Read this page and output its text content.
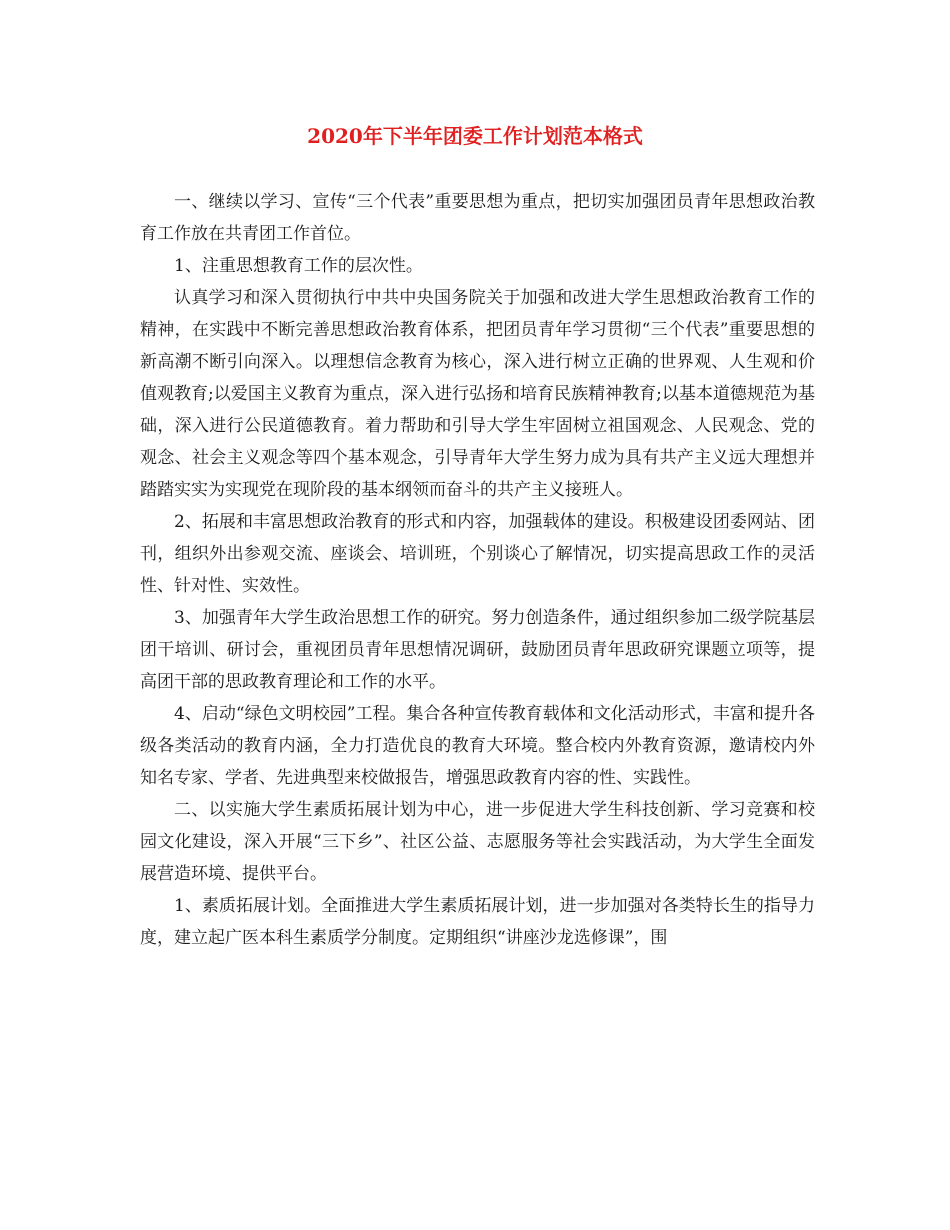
2020年下半年团委工作计划范本格式

一、继续以学习、宣传“三个代表”重要思想为重点，把切实加强团员青年思想政治教育工作放在共青团工作首位。

1、注重思想教育工作的层次性。

认真学习和深入贯彻执行中共中央国务院关于加强和改进大学生思想政治教育工作的精神，在实践中不断完善思想政治教育体系，把团员青年学习贯彻“三个代表”重要思想的新高潮不断引向深入。以理想信念教育为核心，深入进行树立正确的世界观、人生观和价值观教育;以爱国主义教育为重点，深入进行弘扬和培育民族精神教育;以基本道德规范为基础，深入进行公民道德教育。着力帮助和引导大学生牢固树立祖国观念、人民观念、党的观念、社会主义观念等四个基本观念，引导青年大学生努力成为具有共产主义远大理想并踏踏实实为实现党在现阶段的基本纲领而奋斗的共产主义接班人。

2、拓展和丰富思想政治教育的形式和内容，加强载体的建设。积极建设团委网站、团刊，组织外出参观交流、座谈会、培训班，个别谈心了解情况，切实提高思政工作的灵活性、针对性、实效性。

3、加强青年大学生政治思想工作的研究。努力创造条件，通过组织参加二级学院基层团干培训、研讨会，重视团员青年思想情况调研，鼓励团员青年思政研究课题立项等，提高团干部的思政教育理论和工作的水平。

4、启动“绿色文明校园”工程。集合各种宣传教育载体和文化活动形式，丰富和提升各级各类活动的教育内涵，全力打造优良的教育大环境。整合校内外教育资源，邀请校内外知名专家、学者、先进典型来校做报告，增强思政教育内容的性、实践性。

二、以实施大学生素质拓展计划为中心，进一步促进大学生科技创新、学习竞赛和校园文化建设，深入开展“三下乡”、社区公益、志愿服务等社会实践活动，为大学生全面发展营造环境、提供平台。

1、素质拓展计划。全面推进大学生素质拓展计划，进一步加强对各类特长生的指导力度，建立起广医本科生素质学分制度。定期组织“讲座沙龙选修课”，围
